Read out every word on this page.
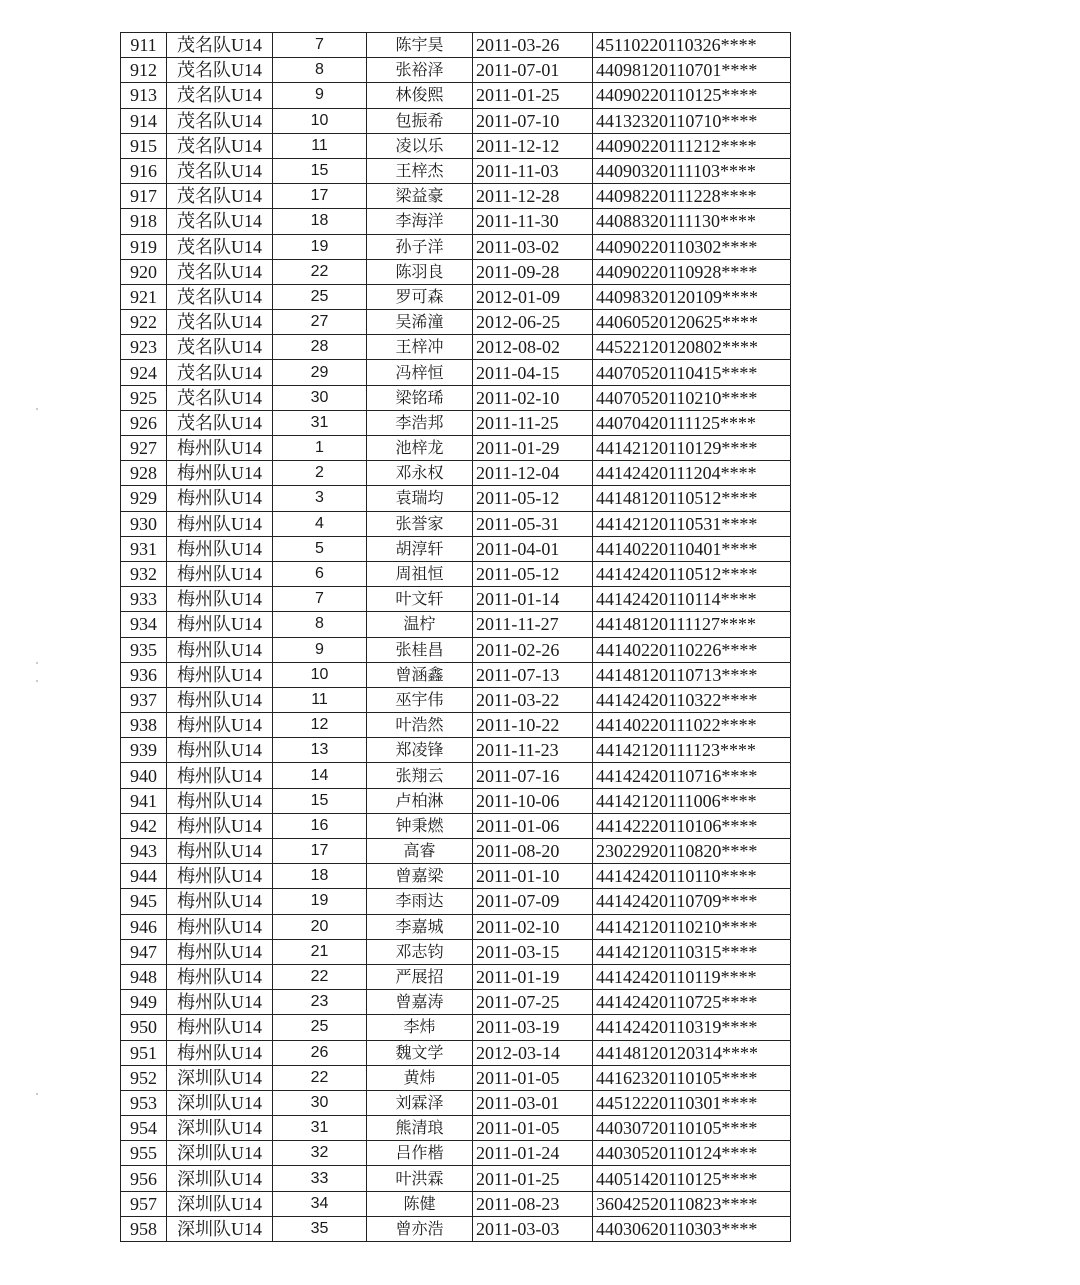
911	茂名队U14	7	陈宇昊	2011-03-26	45110220110326****
912	茂名队U14	8	张裕泽	2011-07-01	44098120110701****
913	茂名队U14	9	林俊熙	2011-01-25	44090220110125****
914	茂名队U14	10	包振希	2011-07-10	44132320110710****
915	茂名队U14	11	凌以乐	2011-12-12	44090220111212****
916	茂名队U14	15	王梓杰	2011-11-03	44090320111103****
917	茂名队U14	17	梁益豪	2011-12-28	44098220111228****
918	茂名队U14	18	李海洋	2011-11-30	44088320111130****
919	茂名队U14	19	孙子洋	2011-03-02	44090220110302****
920	茂名队U14	22	陈羽良	2011-09-28	44090220110928****
921	茂名队U14	25	罗可森	2012-01-09	44098320120109****
922	茂名队U14	27	吴浠潼	2012-06-25	44060520120625****
923	茂名队U14	28	王梓冲	2012-08-02	44522120120802****
924	茂名队U14	29	冯梓恒	2011-04-15	44070520110415****
925	茂名队U14	30	梁铭琋	2011-02-10	44070520110210****
926	茂名队U14	31	李浩邦	2011-11-25	44070420111125****
927	梅州队U14	1	池梓龙	2011-01-29	44142120110129****
928	梅州队U14	2	邓永权	2011-12-04	44142420111204****
929	梅州队U14	3	袁瑞均	2011-05-12	44148120110512****
930	梅州队U14	4	张誉家	2011-05-31	44142120110531****
931	梅州队U14	5	胡淳轩	2011-04-01	44140220110401****
932	梅州队U14	6	周祖恒	2011-05-12	44142420110512****
933	梅州队U14	7	叶文轩	2011-01-14	44142420110114****
934	梅州队U14	8	温柠	2011-11-27	44148120111127****
935	梅州队U14	9	张桂昌	2011-02-26	44140220110226****
936	梅州队U14	10	曾涵鑫	2011-07-13	44148120110713****
937	梅州队U14	11	巫宇伟	2011-03-22	44142420110322****
938	梅州队U14	12	叶浩然	2011-10-22	44140220111022****
939	梅州队U14	13	郑凌锋	2011-11-23	44142120111123****
940	梅州队U14	14	张翔云	2011-07-16	44142420110716****
941	梅州队U14	15	卢柏淋	2011-10-06	44142120111006****
942	梅州队U14	16	钟秉燃	2011-01-06	44142220110106****
943	梅州队U14	17	高睿	2011-08-20	23022920110820****
944	梅州队U14	18	曾嘉梁	2011-01-10	44142420110110****
945	梅州队U14	19	李雨达	2011-07-09	44142420110709****
946	梅州队U14	20	李嘉城	2011-02-10	44142120110210****
947	梅州队U14	21	邓志钧	2011-03-15	44142120110315****
948	梅州队U14	22	严展招	2011-01-19	44142420110119****
949	梅州队U14	23	曾嘉涛	2011-07-25	44142420110725****
950	梅州队U14	25	李炜	2011-03-19	44142420110319****
951	梅州队U14	26	魏文学	2012-03-14	44148120120314****
952	深圳队U14	22	黄炜	2011-01-05	44162320110105****
953	深圳队U14	30	刘霖泽	2011-03-01	44512220110301****
954	深圳队U14	31	熊清琅	2011-01-05	44030720110105****
955	深圳队U14	32	吕作楷	2011-01-24	44030520110124****
956	深圳队U14	33	叶洪霖	2011-01-25	44051420110125****
957	深圳队U14	34	陈健	2011-08-23	36042520110823****
958	深圳队U14	35	曾亦浩	2011-03-03	44030620110303****
